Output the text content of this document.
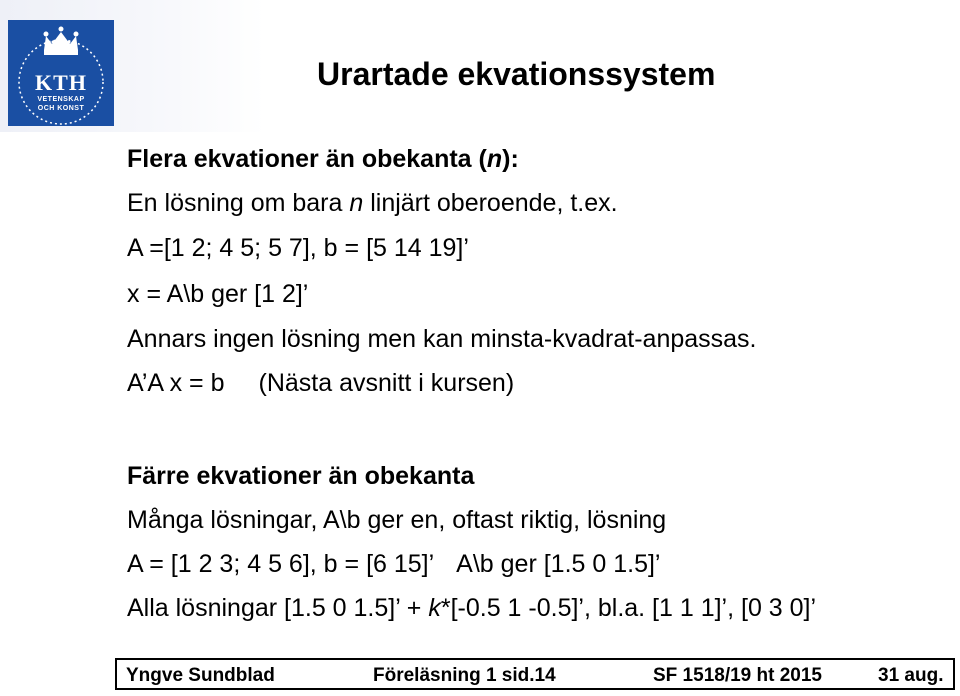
KTH
VETENSKAP
OCH KONST
Urartade ekvationssystem
Flera ekvationer än obekanta (n):
En lösning om bara n linjärt oberoende, t.ex.
A =[1 2; 4 5; 5 7], b = [5 14 19]’
x = A\b ger [1 2]’
Annars ingen lösning men kan minsta-kvadrat-anpassas.
A’A x = b (Nästa avsnitt i kursen)
Färre ekvationer än obekanta
Många lösningar, A\b ger en, oftast riktig, lösning
A = [1 2 3; 4 5 6], b = [6 15]’ A\b ger [1.5 0 1.5]’
Alla lösningar [1.5 0 1.5]’ + k*[-0.5 1 -0.5]’, bl.a. [1 1 1]’, [0 3 0]’
Yngve Sundblad	Föreläsning 1 sid.14	SF 1518/19 ht 2015	31 aug.
